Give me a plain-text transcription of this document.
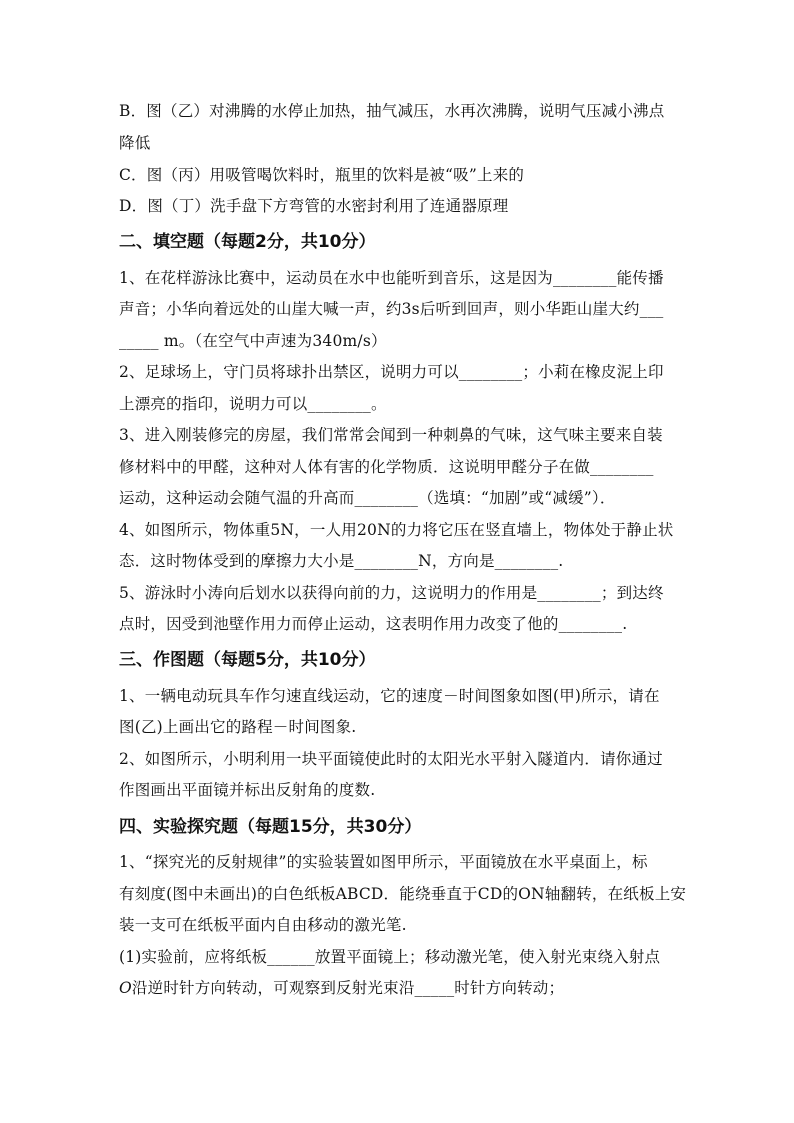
B．图（乙）对沸腾的水停止加热，抽气减压，水再次沸腾，说明气压减小沸点
降低
C．图（丙）用吸管喝饮料时，瓶里的饮料是被“吸”上来的
D．图（丁）洗手盘下方弯管的水密封利用了连通器原理
二、填空题（每题2分，共10分）
1、在花样游泳比赛中，运动员在水中也能听到音乐，这是因为________能传播
声音；小华向着远处的山崖大喊一声，约3s后听到回声，则小华距山崖大约___
_____ m。（在空气中声速为340m/s）
2、足球场上，守门员将球扑出禁区，说明力可以________；小莉在橡皮泥上印
上漂亮的指印，说明力可以________。
3、进入刚装修完的房屋，我们常常会闻到一种刺鼻的气味，这气味主要来自装
修材料中的甲醛，这种对人体有害的化学物质．这说明甲醛分子在做________
运动，这种运动会随气温的升高而________（选填：“加剧”或“减缓”）．
4、如图所示，物体重5N，一人用20N的力将它压在竖直墙上，物体处于静止状
态．这时物体受到的摩擦力大小是________N，方向是________.
5、游泳时小涛向后划水以获得向前的力，这说明力的作用是________；到达终
点时，因受到池壁作用力而停止运动，这表明作用力改变了他的________.
三、作图题（每题5分，共10分）
1、一辆电动玩具车作匀速直线运动，它的速度－时间图象如图(甲)所示，请在
图(乙)上画出它的路程－时间图象.
2、如图所示，小明利用一块平面镜使此时的太阳光水平射入隧道内．请你通过
作图画出平面镜并标出反射角的度数.
四、实验探究题（每题15分，共30分）
1、“探究光的反射规律”的实验装置如图甲所示，平面镜放在水平桌面上，标
有刻度(图中未画出)的白色纸板ABCD．能绕垂直于CD的ON轴翻转，在纸板上安
装一支可在纸板平面内自由移动的激光笔.
(1)实验前，应将纸板______放置平面镜上；移动激光笔，使入射光束绕入射点
O沿逆时针方向转动，可观察到反射光束沿_____时针方向转动；
